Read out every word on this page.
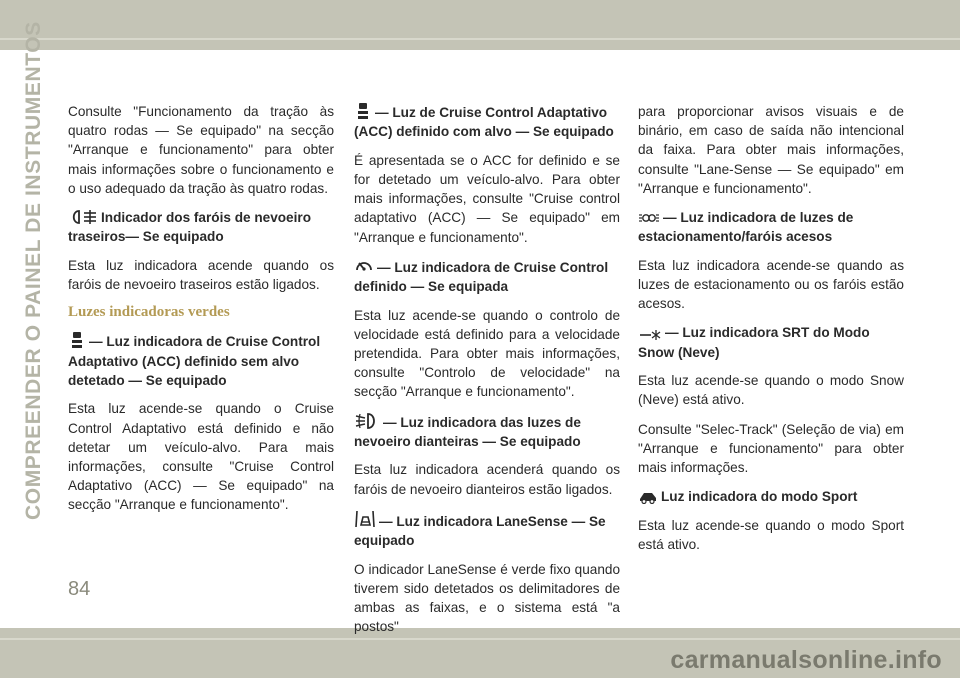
COMPREENDER O PAINEL DE INSTRUMENTOS Consulte "Funcionamento da tração às quatro rodas — Se equipado" na secção "Arranque e funcionamento" para obter mais informações sobre o funcionamento e o uso adequado da tração às quatro rodas.

Indicador dos faróis de nevoeiro traseiros— Se equipado

Esta luz indicadora acende quando os faróis de nevoeiro traseiros estão ligados.

Luzes indicadoras verdes
— Luz indicadora de Cruise Control Adaptativo (ACC) definido sem alvo detetado — Se equipado

Esta luz acende-se quando o Cruise Control Adaptativo está definido e não detetar um veículo-alvo. Para mais informações, consulte "Cruise Control Adaptativo (ACC) — Se equipado" na secção "Arranque e funcionamento".

— Luz de Cruise Control Adaptativo (ACC) definido com alvo — Se equipado

É apresentada se o ACC for definido e se for detetado um veículo-alvo. Para obter mais informações, consulte "Cruise control adaptativo (ACC) — Se equipado" em "Arranque e funcionamento".

— Luz indicadora de Cruise Control definido — Se equipada

Esta luz acende-se quando o controlo de velocidade está definido para a velocidade pretendida. Para obter mais informações, consulte "Controlo de velocidade" na secção "Arranque e funcionamento".

— Luz indicadora das luzes de nevoeiro dianteiras — Se equipado

Esta luz indicadora acenderá quando os faróis de nevoeiro dianteiros estão ligados.

— Luz indicadora LaneSense — Se equipado

O indicador LaneSense é verde fixo quando tiverem sido detetados os delimitadores de ambas as faixas, e o sistema está "a postos"

para proporcionar avisos visuais e de binário, em caso de saída não intencional da faixa. Para obter mais informações, consulte "Lane-Sense — Se equipado" em "Arranque e funcionamento".

— Luz indicadora de luzes de estacionamento/faróis acesos

Esta luz indicadora acende-se quando as luzes de estacionamento ou os faróis estão acesos.

— Luz indicadora SRT do Modo Snow (Neve)

Esta luz acende-se quando o modo Snow (Neve) está ativo.

Consulte "Selec-Track" (Seleção de via) em "Arranque e funcionamento" para obter mais informações.

Luz indicadora do modo Sport

Esta luz acende-se quando o modo Sport está ativo.

84
carmanualsonline.info
